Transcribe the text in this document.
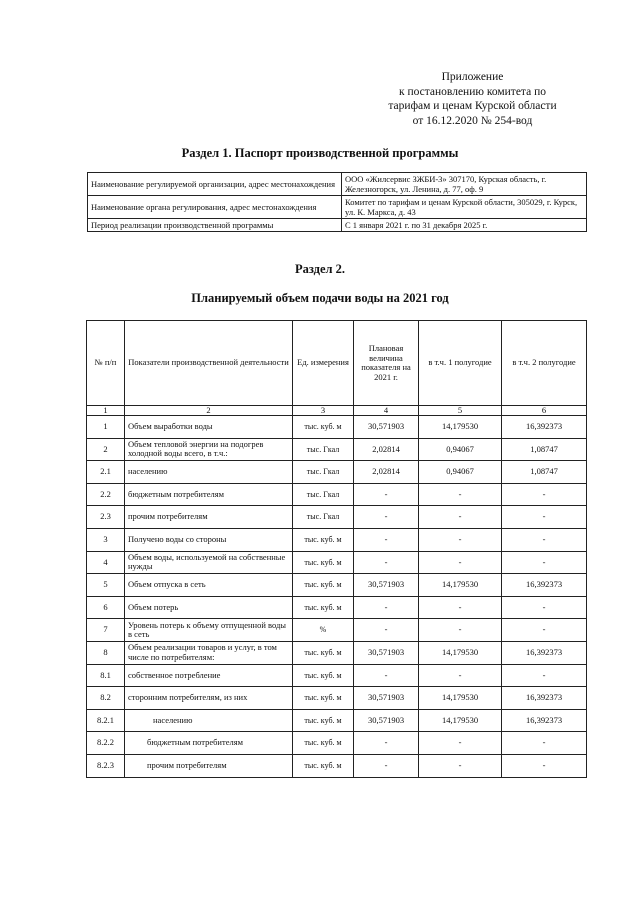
Приложение
к постановлению комитета по
тарифам и ценам Курской области
от 16.12.2020 № 254-вод
Раздел 1. Паспорт производственной программы
Наименование регулируемой организации, адрес местонахождения	ООО «Жилсервис ЗЖБИ-3» 307170, Курская область, г. Железногорск, ул. Ленина, д. 77, оф. 9
Наименование органа регулирования, адрес местонахождения	Комитет по тарифам и ценам Курской области, 305029, г. Курск, ул. К. Маркса, д. 43
Период реализации производственной программы	С 1 января 2021 г. по 31 декабря 2025 г.
Раздел 2.
Планируемый объем подачи воды на 2021 год
№ п/п	Показатели производственной деятельности	Ед. измерения	Плановая величина показателя на 2021 г.	в т.ч. 1 полугодие	в т.ч. 2 полугодие
1	2	3	4	5	6
1	Объем выработки воды	тыс. куб. м	30,571903	14,179530	16,392373
2	Объем тепловой энергии на подогрев холодной воды всего, в т.ч.:	тыс. Гкал	2,02814	0,94067	1,08747
2.1	населению	тыс. Гкал	2,02814	0,94067	1,08747
2.2	бюджетным потребителям	тыс. Гкал	-	-	-
2.3	прочим потребителям	тыс. Гкал	-	-	-
3	Получено воды со стороны	тыс. куб. м	-	-	-
4	Объем воды, используемой на собственные нужды	тыс. куб. м	-	-	-
5	Объем отпуска в сеть	тыс. куб. м	30,571903	14,179530	16,392373
6	Объем потерь	тыс. куб. м	-	-	-
7	Уровень потерь к объему отпущенной воды в сеть	%	-	-	-
8	Объем реализации товаров и услуг, в том числе по потребителям:	тыс. куб. м	30,571903	14,179530	16,392373
8.1	собственное потребление	тыс. куб. м	-	-	-
8.2	сторонним потребителям, из них	тыс. куб. м	30,571903	14,179530	16,392373
8.2.1	населению	тыс. куб. м	30,571903	14,179530	16,392373
8.2.2	бюджетным потребителям	тыс. куб. м	-	-	-
8.2.3	прочим потребителям	тыс. куб. м	-	-	-
